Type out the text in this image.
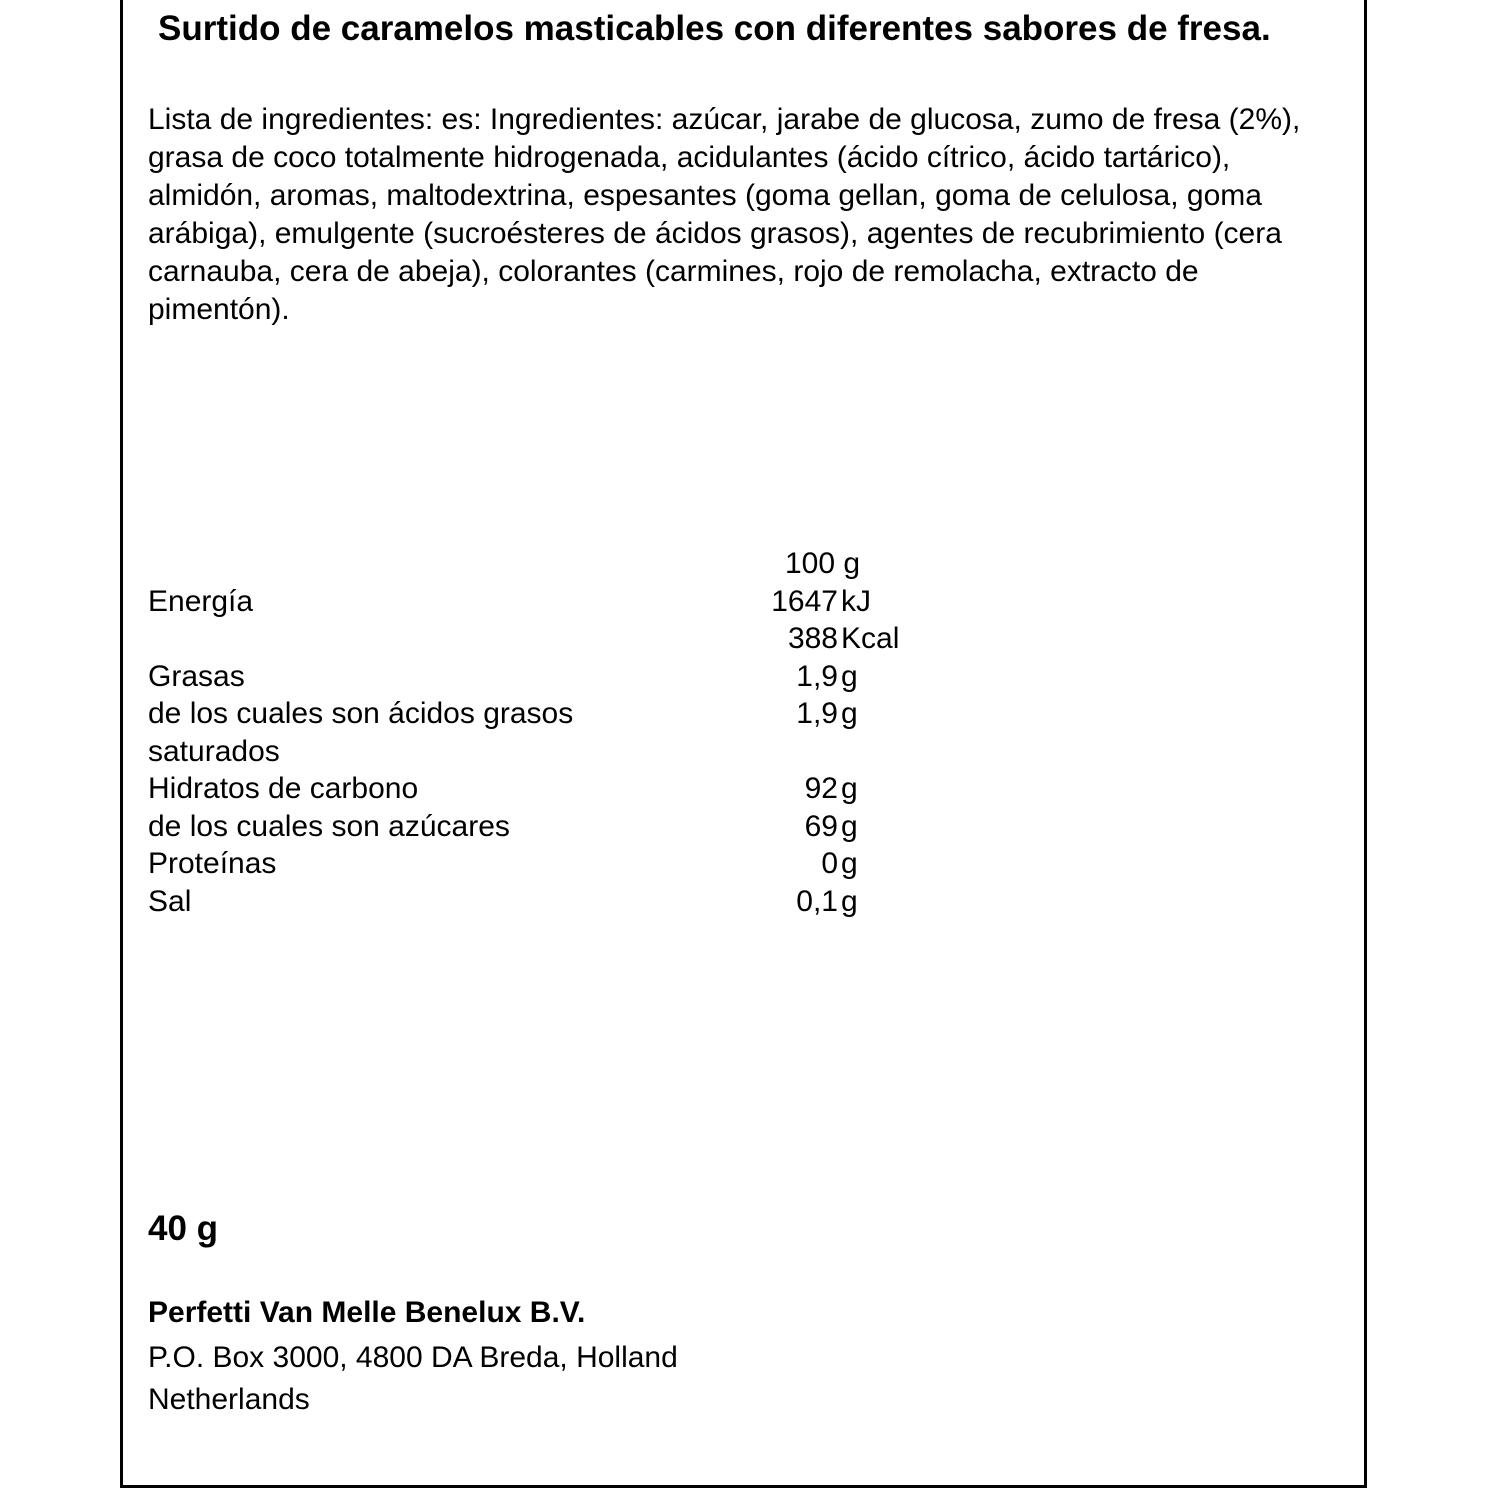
Surtido de caramelos masticables con diferentes sabores de fresa.

Lista de ingredientes: es: Ingredientes: azúcar, jarabe de glucosa, zumo de fresa (2%), grasa de coco totalmente hidrogenada, acidulantes (ácido cítrico, ácido tartárico), almidón, aromas, maltodextrina, espesantes (goma gellan, goma de celulosa, goma arábiga), emulgente (sucroésteres de ácidos grasos), agentes de recubrimiento (cera carnauba, cera de abeja), colorantes (carmines, rojo de remolacha, extracto de pimentón).

100 g
Energía	1647 kJ
388 Kcal
Grasas	1,9 g
de los cuales son ácidos grasos	1,9 g
saturados
Hidratos de carbono	92 g
de los cuales son azúcares	69 g
Proteínas	0 g
Sal	0,1 g

40 g

Perfetti Van Melle Benelux B.V.

P.O. Box 3000, 4800 DA Breda, Holland
Netherlands
